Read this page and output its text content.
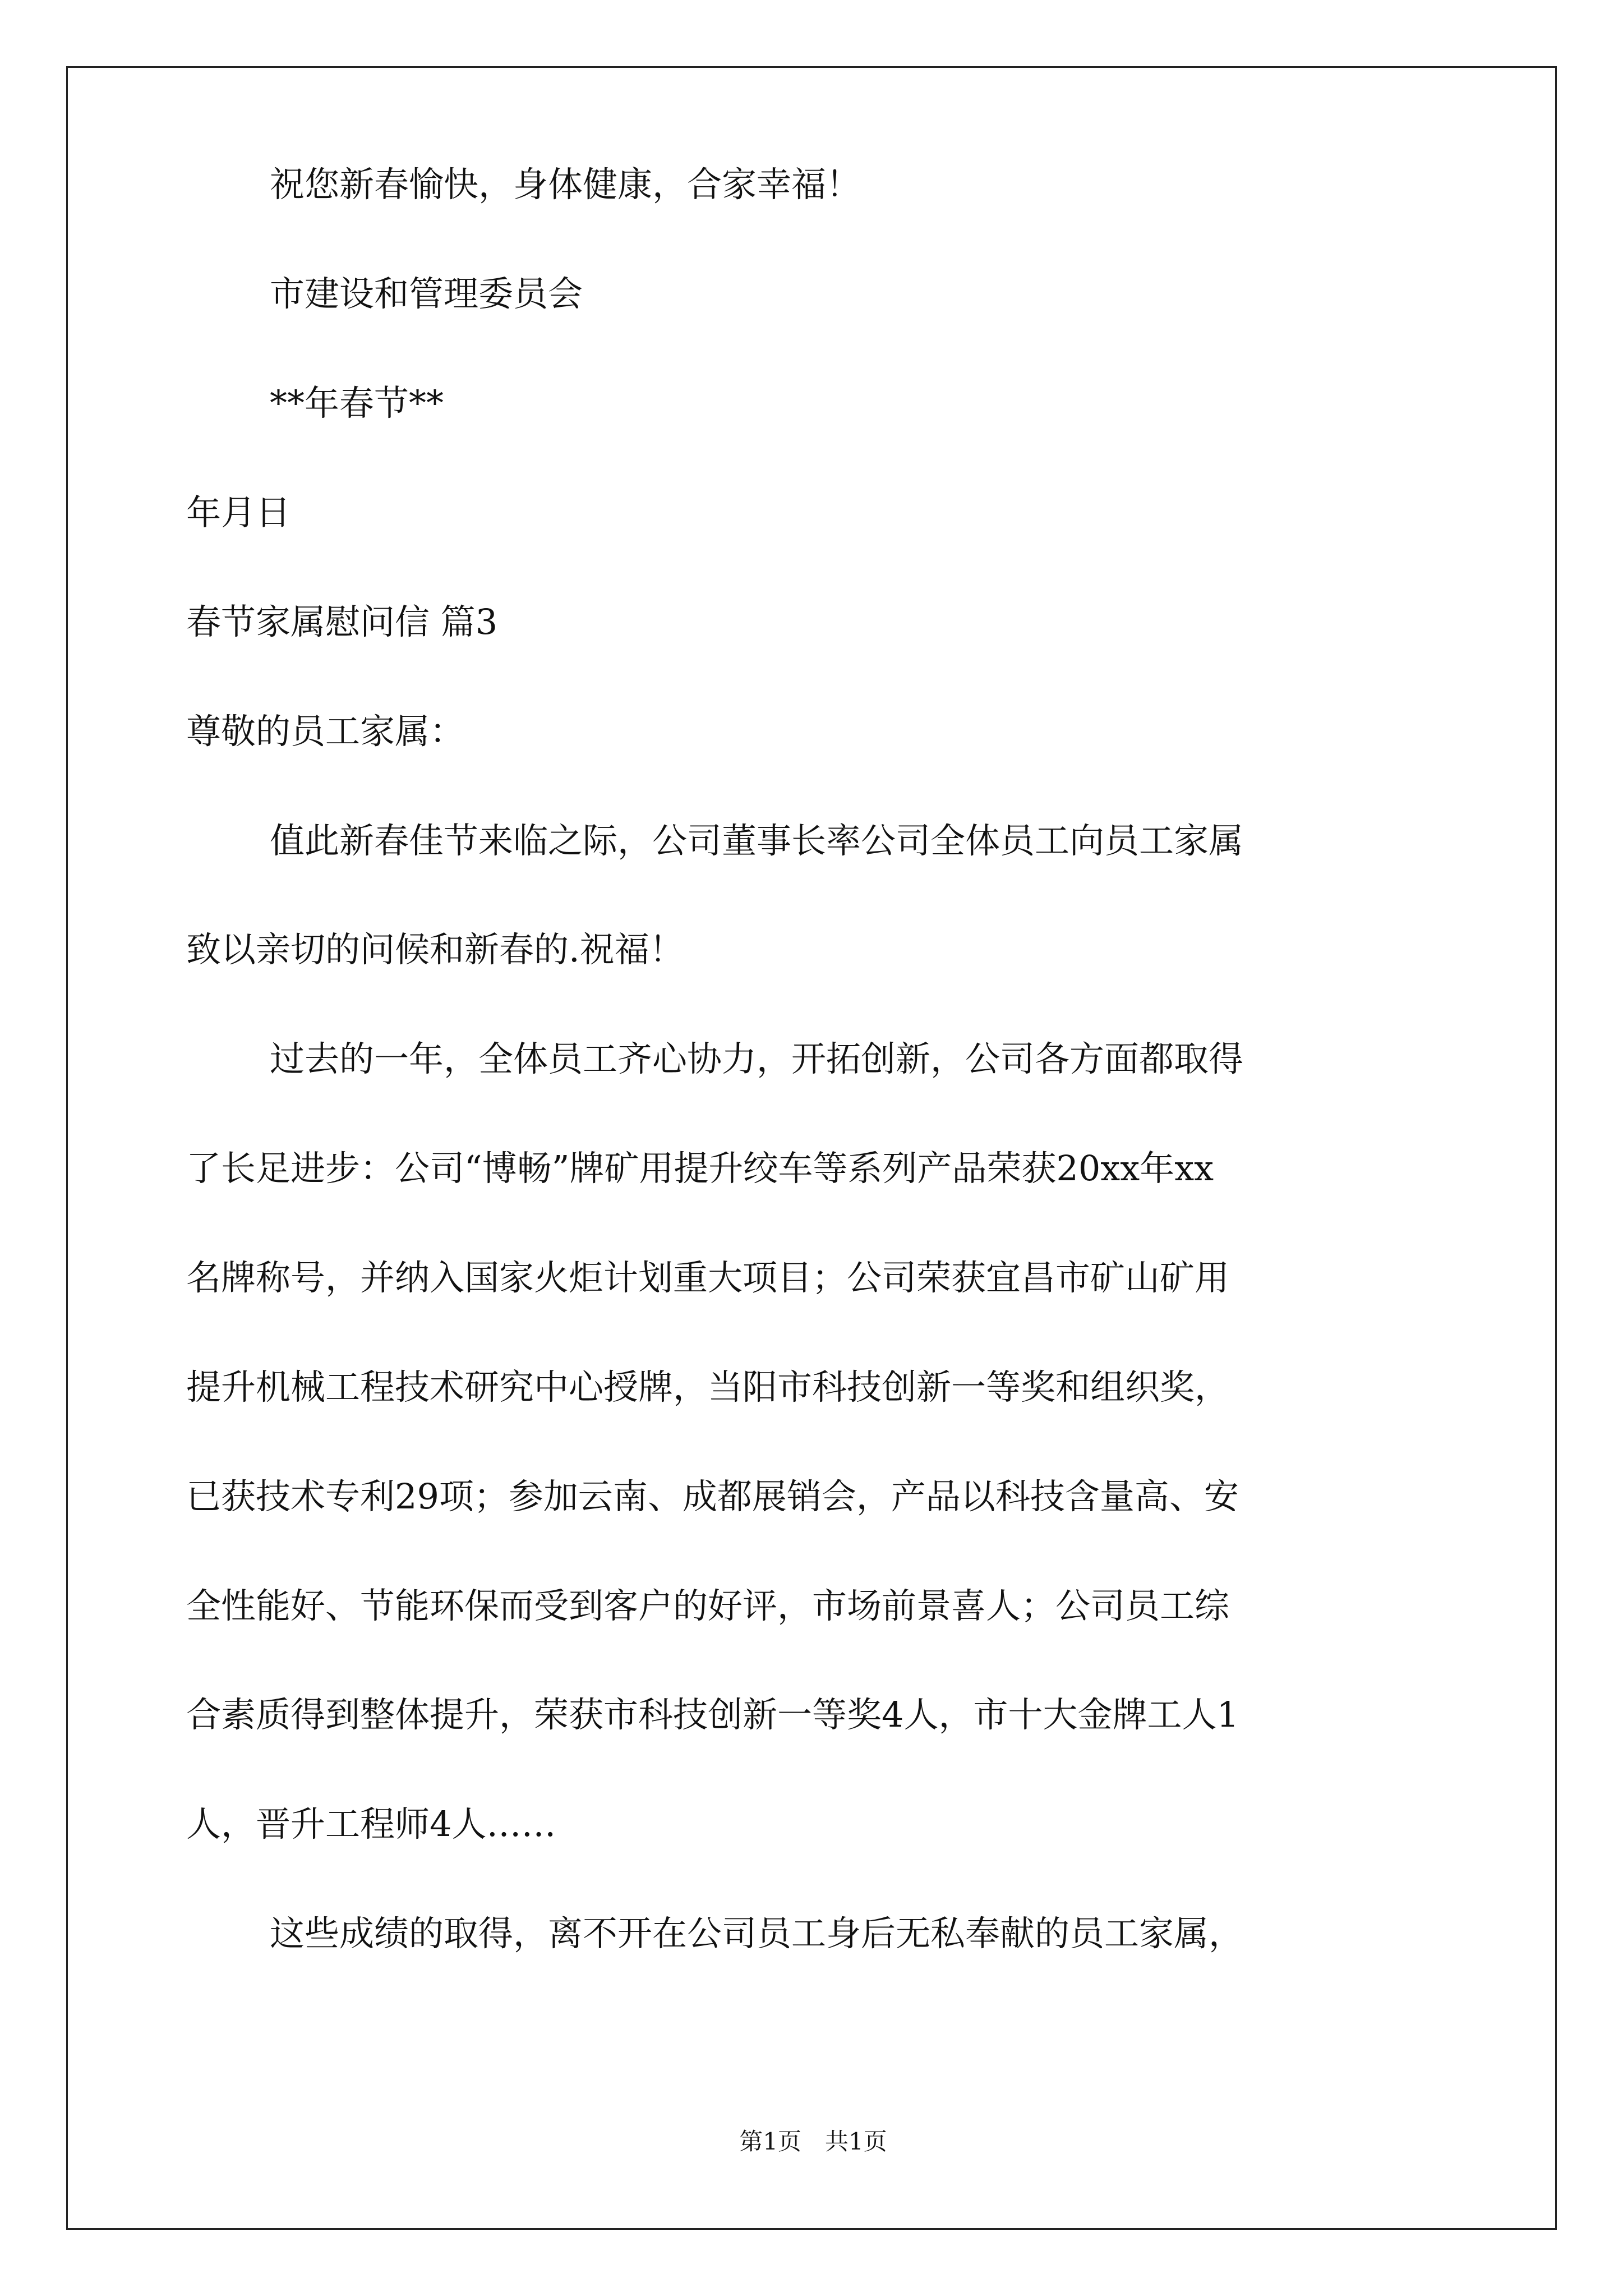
祝您新春愉快，身体健康，合家幸福！
市建设和管理委员会
**年春节**
年月日
春节家属慰问信 篇3
尊敬的员工家属：
值此新春佳节来临之际，公司董事长率公司全体员工向员工家属
致以亲切的问候和新春的.祝福！
过去的一年，全体员工齐心协力，开拓创新，公司各方面都取得
了长足进步：公司“博畅”牌矿用提升绞车等系列产品荣获20xx年xx
名牌称号，并纳入国家火炬计划重大项目；公司荣获宜昌市矿山矿用
提升机械工程技术研究中心授牌，当阳市科技创新一等奖和组织奖，
已获技术专利29项；参加云南、成都展销会，产品以科技含量高、安
全性能好、节能环保而受到客户的好评，市场前景喜人；公司员工综
合素质得到整体提升，荣获市科技创新一等奖4人，市十大金牌工人1
人，晋升工程师4人……
这些成绩的取得，离不开在公司员工身后无私奉献的员工家属，
第1页　共1页
